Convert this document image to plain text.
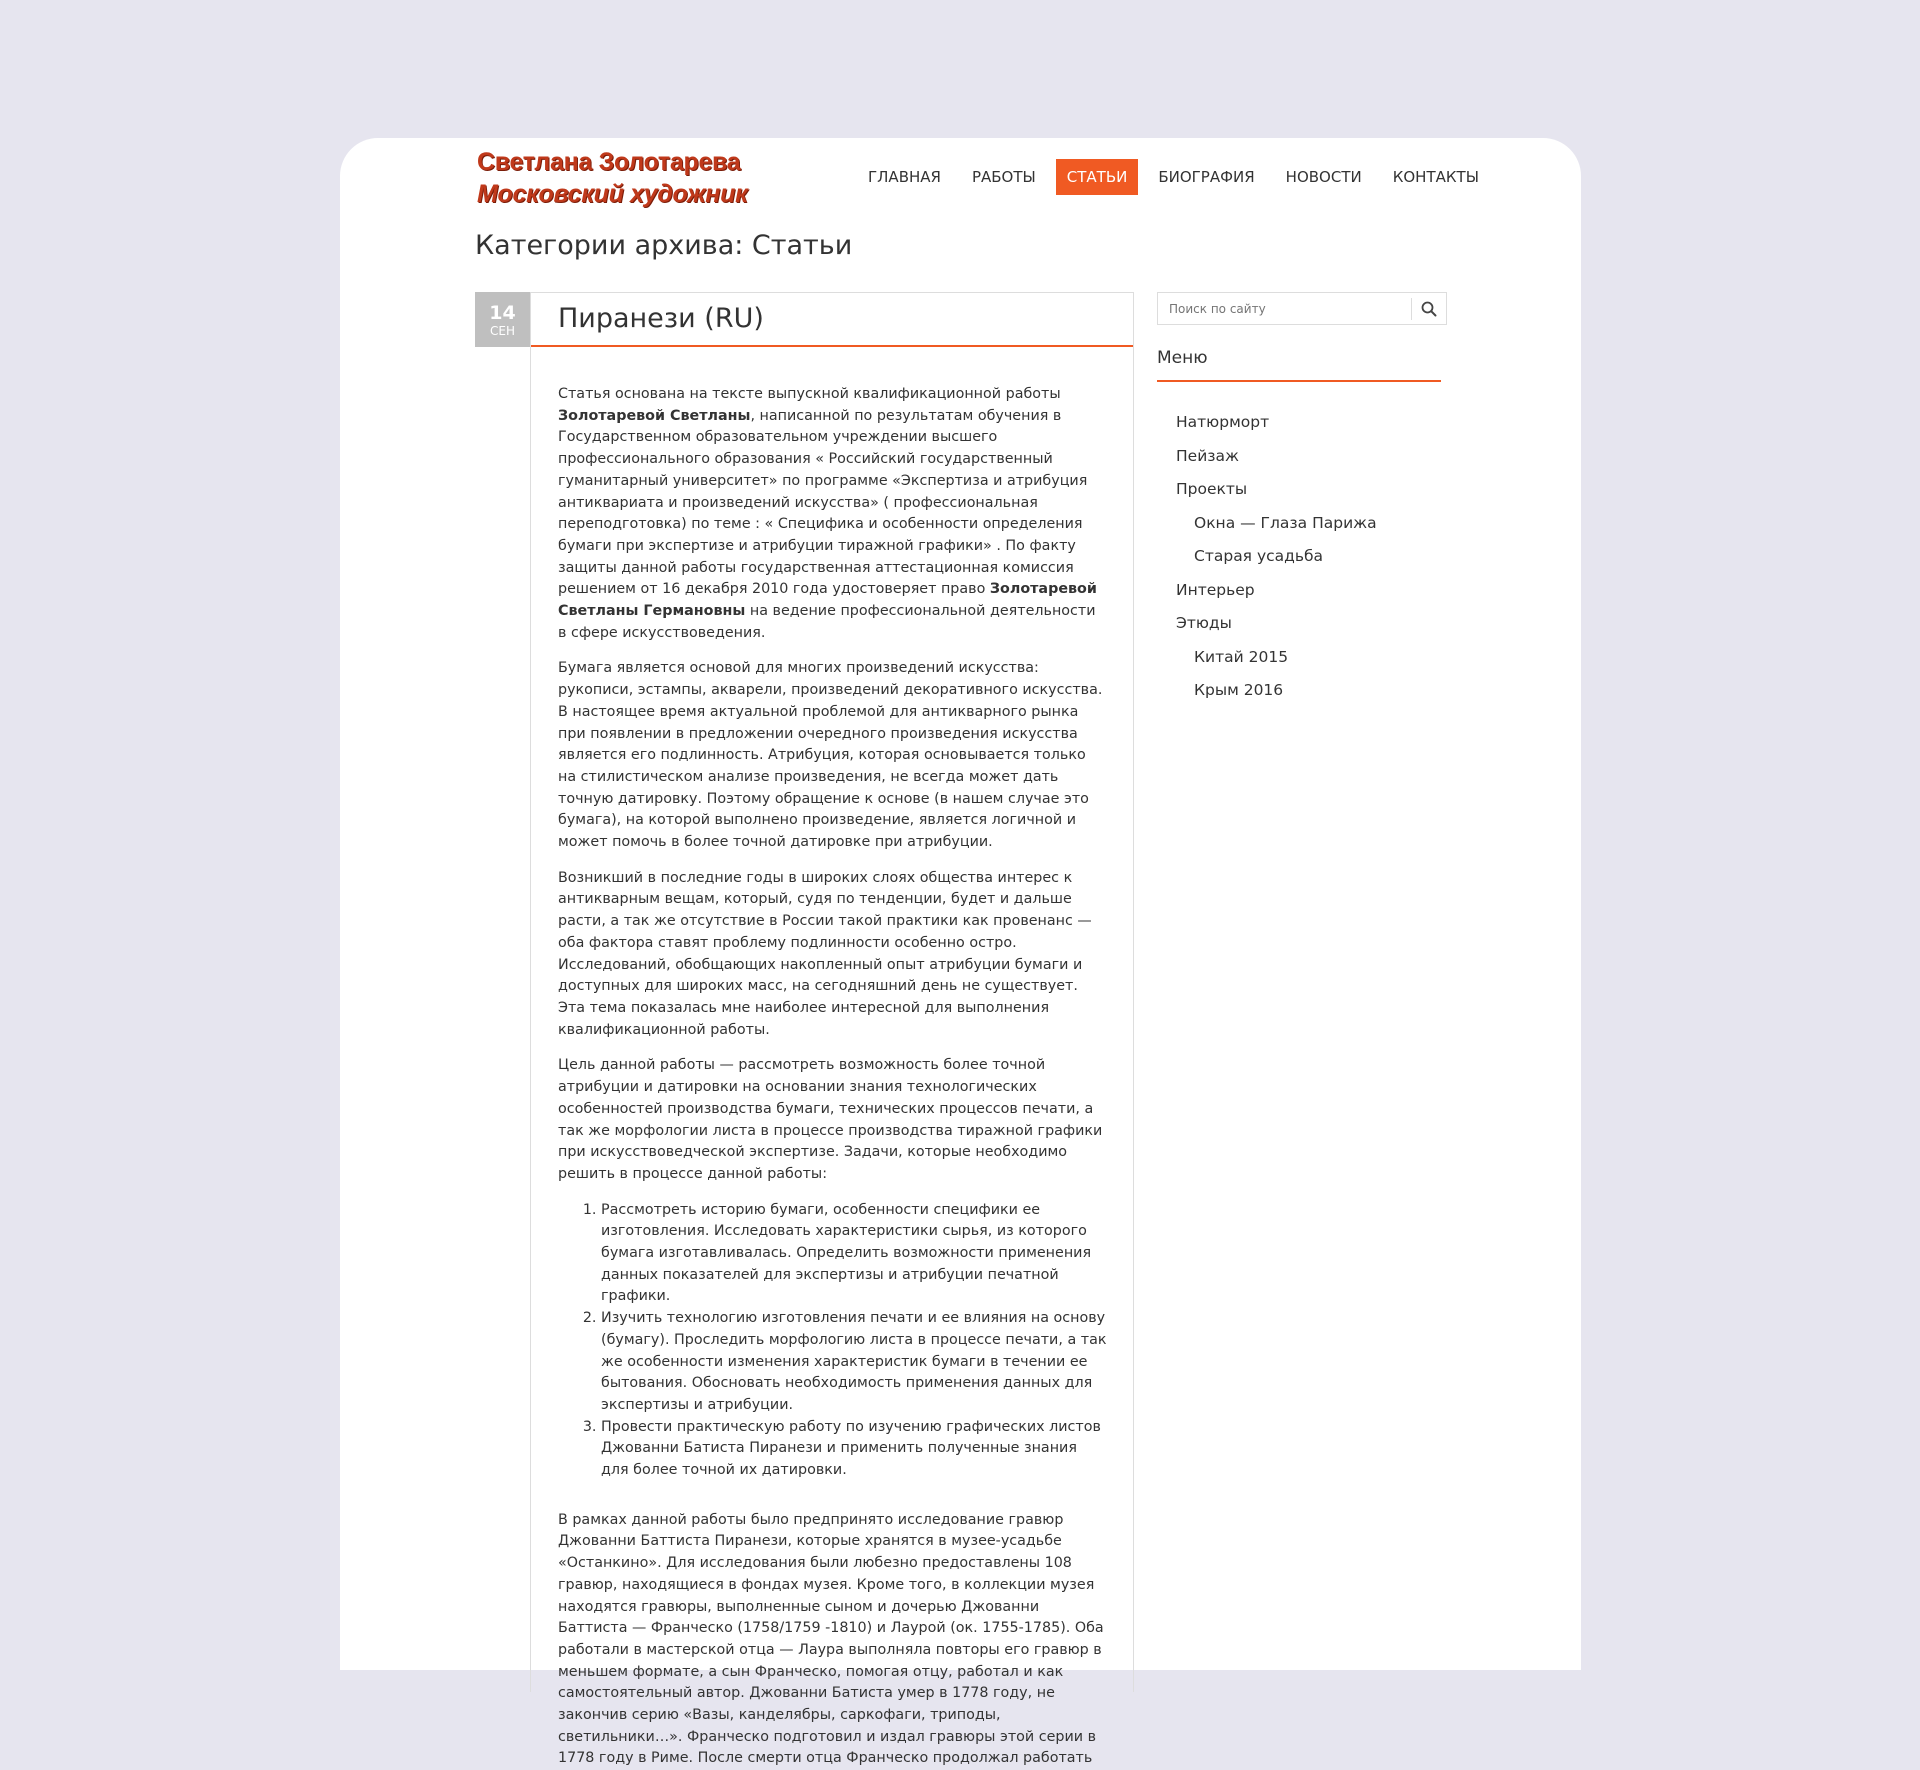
Светлана Золотарева
Московский художник
ГЛАВНАЯ	РАБОТЫ	СТАТЬИ	БИОГРАФИЯ	НОВОСТИ	КОНТАКТЫ
Категории архива: Статьи
14
СЕН	Пиранези (RU)

Статья основана на тексте выпускной квалификационной работы Золотаревой Светланы, написанной по результатам обучения в Государственном образовательном учреждении высшего профессионального образования « Российский государственный гуманитарный университет» по программе «Экспертиза и атрибуция антиквариата и произведений искусства» ( профессиональная переподготовка) по теме : « Специфика и особенности определения бумаги при экспертизе и атрибуции тиражной графики» . По факту защиты данной работы государственная аттестационная комиссия решением от 16 декабря 2010 года удостоверяет право Золотаревой Светланы Германовны на ведение профессиональной деятельности в сфере искусствоведения.

Бумага является основой для многих произведений искусства: рукописи, эстампы, акварели, произведений декоративного искусства. В настоящее время актуальной проблемой для антикварного рынка при появлении в предложении очередного произведения искусства является его подлинность. Атрибуция, которая основывается только на стилистическом анализе произведения, не всегда может дать точную датировку. Поэтому обращение к основе (в нашем случае это бумага), на которой выполнено произведение, является логичной и может помочь в более точной датировке при атрибуции.

Возникший в последние годы в широких слоях общества интерес к антикварным вещам, который, судя по тенденции, будет и дальше расти, а так же отсутствие в России такой практики как провенанс — оба фактора ставят проблему подлинности особенно остро. Исследований, обобщающих накопленный опыт атрибуции бумаги и доступных для широких масс, на сегодняшний день не существует. Эта тема показалась мне наиболее интересной для выполнения квалификационной работы.

Цель данной работы — рассмотреть возможность более точной атрибуции и датировки на основании знания технологических особенностей производства бумаги, технических процессов печати, а так же морфологии листа в процессе производства тиражной графики при искусствоведческой экспертизе. Задачи, которые необходимо решить в процессе данной работы:

1. Рассмотреть историю бумаги, особенности специфики ее изготовления. Исследовать характеристики сырья, из которого бумага изготавливалась. Определить возможности применения данных показателей для экспертизы и атрибуции печатной графики.
2. Изучить технологию изготовления печати и ее влияния на основу (бумагу). Проследить морфологию листа в процессе печати, а так же особенности изменения характеристик бумаги в течении ее бытования. Обосновать необходимость применения данных для экспертизы и атрибуции.
3. Провести практическую работу по изучению графических листов Джованни Батиста Пиранези и применить полученные знания для более точной их датировки.

В рамках данной работы было предпринято исследование гравюр Джованни Баттиста Пиранези, которые хранятся в музее-усадьбе «Останкино». Для исследования были любезно предоставлены 108 гравюр, находящиеся в фондах музея. Кроме того, в коллекции музея находятся гравюры, выполненные сыном и дочерью Джованни Баттиста — Франческо (1758/1759 -1810) и Лаурой (ок. 1755-1785). Оба работали в мастерской отца — Лаура выполняла повторы его гравюр в меньшем формате, а сын Франческо, помогая отцу, работал и как самостоятельный автор. Джованни Батиста умер в 1778 году, не закончив серию «Вазы, канделябры, саркофаги, триподы, светильники…». Франческо подготовил и издал гравюры этой серии в 1778 году в Риме. После смерти отца Франческо продолжал работать

Поиск по сайту
Меню
Натюрморт
Пейзаж
Проекты
Окна — Глаза Парижа
Старая усадьба
Интерьер
Этюды
Китай 2015
Крым 2016
